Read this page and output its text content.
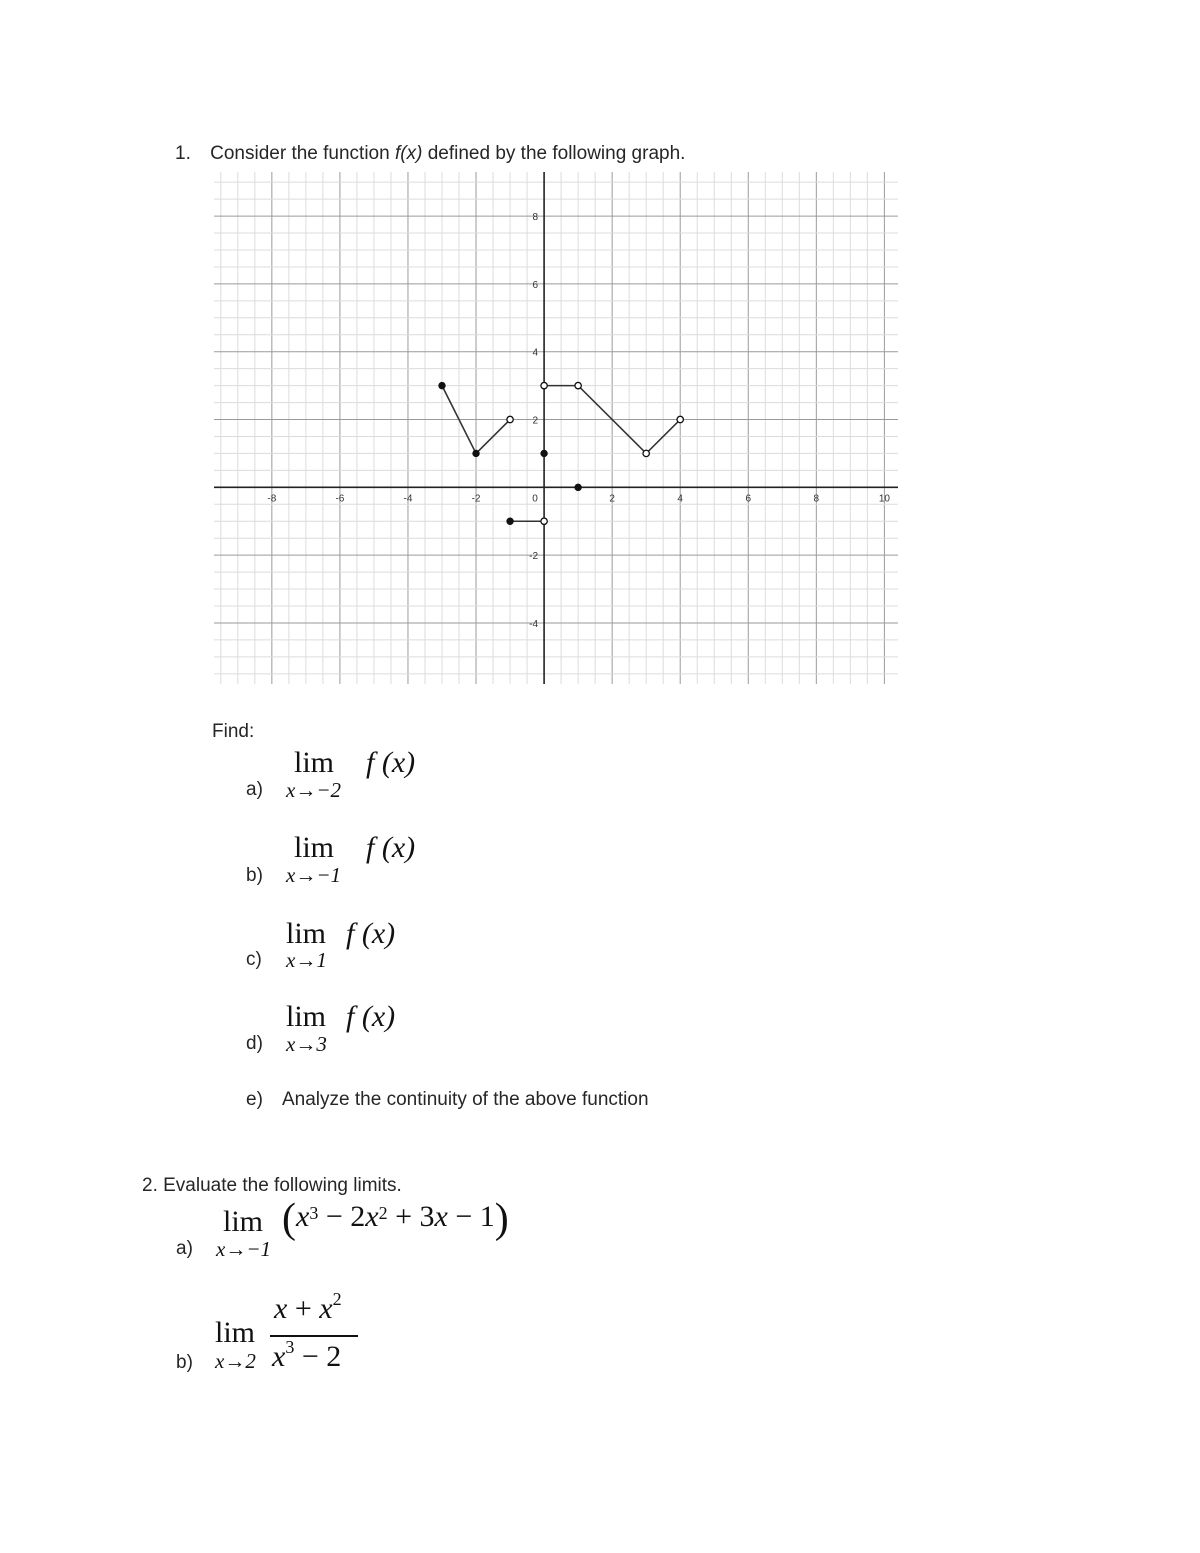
1. Consider the function f(x) defined by the following graph.
-8	-6	-4	-2	0	2	4	6	8	10
8
6
4
2
-2
-4
Find:
a)
lim
x→−2
f (x)
b)
lim
x→−1
f (x)
c)
lim
x→1
f (x)
d)
lim
x→3
f (x)
e) Analyze the continuity of the above function
2. Evaluate the following limits.
a)
lim
x→−1
(x3 − 2x2 + 3x − 1)
b)
lim
x→2
$x + x^2$
$x^3 - 2$
